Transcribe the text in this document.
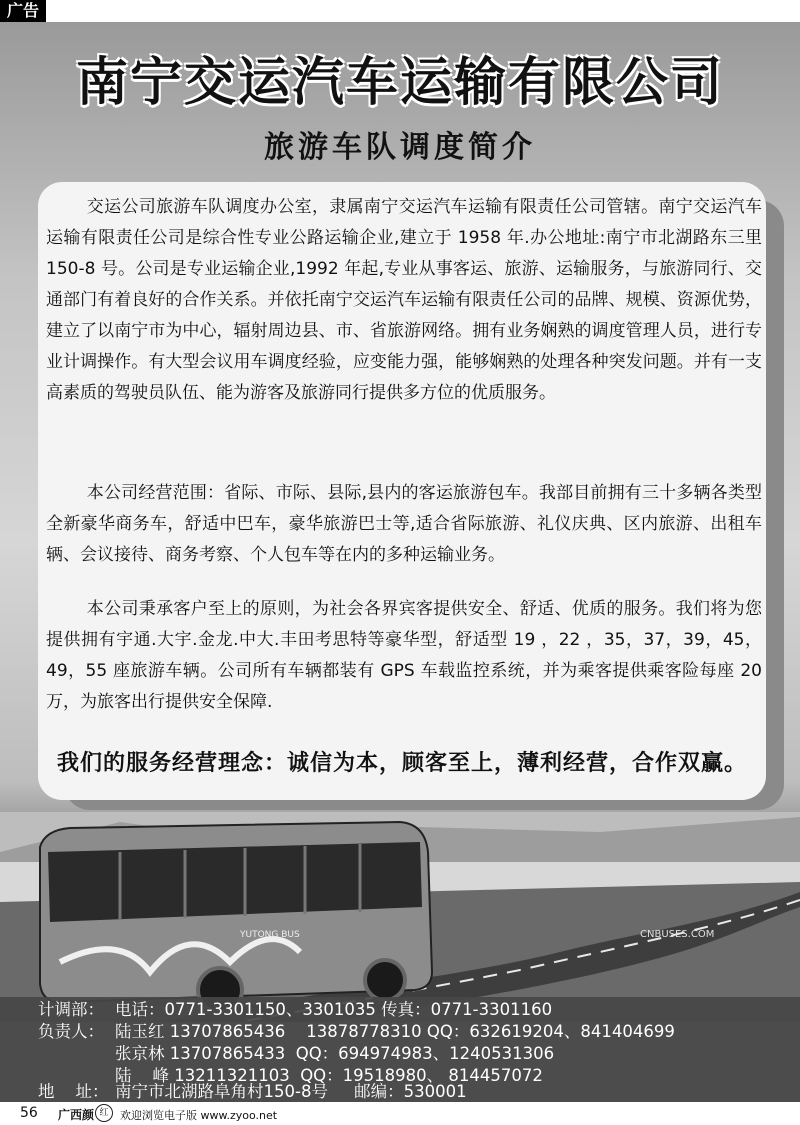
广告
南宁交运汽车运输有限公司
旅游车队调度简介

交运公司旅游车队调度办公室，隶属南宁交运汽车运输有限责任公司管辖。南宁交运汽车运输有限责任公司是综合性专业公路运输企业,建立于 1958 年.办公地址:南宁市北湖路东三里 150-8 号。公司是专业运输企业,1992 年起,专业从事客运、旅游、运输服务，与旅游同行、交通部门有着良好的合作关系。并依托南宁交运汽车运输有限责任公司的品牌、规模、资源优势，建立了以南宁市为中心，辐射周边县、市、省旅游网络。拥有业务娴熟的调度管理人员，进行专业计调操作。有大型会议用车调度经验，应变能力强，能够娴熟的处理各种突发问题。并有一支高素质的驾驶员队伍、能为游客及旅游同行提供多方位的优质服务。

本公司经营范围：省际、市际、县际,县内的客运旅游包车。我部目前拥有三十多辆各类型全新豪华商务车，舒适中巴车，豪华旅游巴士等,适合省际旅游、礼仪庆典、区内旅游、出租车辆、会议接待、商务考察、个人包车等在内的多种运输业务。

本公司秉承客户至上的原则，为社会各界宾客提供安全、舒适、优质的服务。我们将为您提供拥有宇通.大宇.金龙.中大.丰田考思特等豪华型，舒适型 19 ，22 ，35，37，39，45，49，55 座旅游车辆。公司所有车辆都装有 GPS 车载监控系统，并为乘客提供乘客险每座 20 万，为旅客出行提供安全保障.

我们的服务经营理念：诚信为本，顾客至上，薄利经营，合作双赢。
YUTONG BUS	CNBUSES.COM
计调部： 电话：0771-3301150、3301035 传真：0771-3301160
负责人： 陆玉红 13707865436    13878778310 QQ：632619204、841404699
张京林 13707865433  QQ：694974983、1240531306
陆    峰 13211321103  QQ：19518980、 814457072
地    址： 南宁市北湖路阜角村150-8号     邮编：530001
56 广西颜 红	欢迎浏览电子版 www.zyoo.net
